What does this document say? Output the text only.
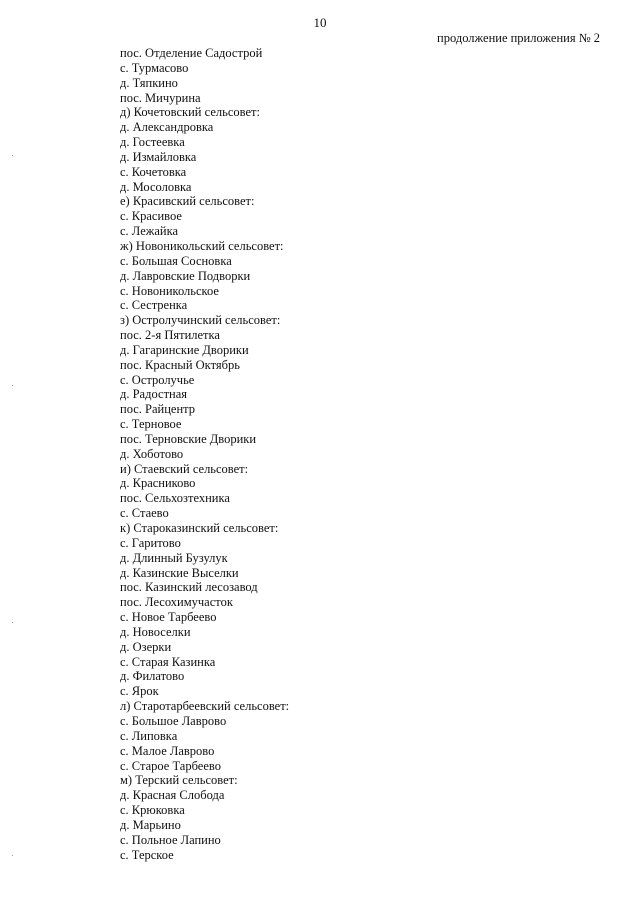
10
продолжение приложения № 2
пос. Отделение Садострой
с. Турмасово
д. Тяпкино
пос. Мичурина
д) Кочетовский сельсовет:
д. Александровка
д. Гостеевка
д. Измайловка
с. Кочетовка
д. Мосоловка
е) Красивский сельсовет:
с. Красивое
с. Лежайка
ж) Новоникольский сельсовет:
с. Большая Сосновка
д. Лавровские Подворки
с. Новоникольское
с. Сестренка
з) Остролучинский сельсовет:
пос. 2-я Пятилетка
д. Гагаринские Дворики
пос. Красный Октябрь
с. Остролучье
д. Радостная
пос. Райцентр
с. Терновое
пос. Терновские Дворики
д. Хоботово
и) Стаевский сельсовет:
д. Красниково
пос. Сельхозтехника
с. Стаево
к) Староказинский сельсовет:
с. Гаритово
д. Длинный Бузулук
д. Казинские Выселки
пос. Казинский лесозавод
пос. Лесохимучасток
с. Новое Тарбеево
д. Новоселки
д. Озерки
с. Старая Казинка
д. Филатово
с. Ярок
л) Старотарбеевский сельсовет:
с. Большое Лаврово
с. Липовка
с. Малое Лаврово
с. Старое Тарбеево
м) Терский сельсовет:
д. Красная Слобода
с. Крюковка
д. Марьино
с. Польное Лапино
с. Терское
